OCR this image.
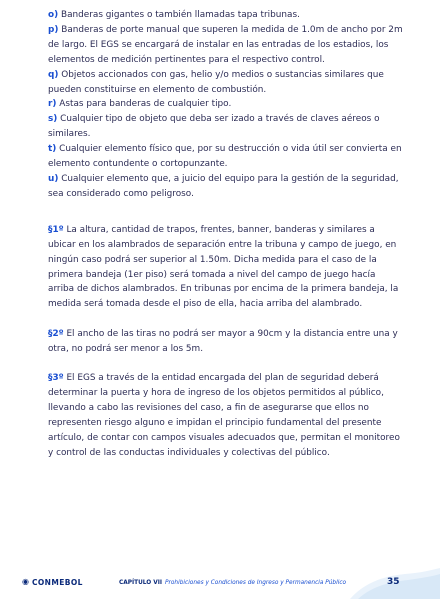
o) Banderas gigantes o también llamadas tapa tribunas.

p) Banderas de porte manual que superen la medida de 1.0m de ancho por 2m de largo. El EGS se encargará de instalar en las entradas de los estadios, los elementos de medición pertinentes para el respectivo control.

q) Objetos accionados con gas, helio y/o medios o sustancias similares que pueden constituirse en elemento de combustión.

r) Astas para banderas de cualquier tipo.

s) Cualquier tipo de objeto que deba ser izado a través de claves aéreos o similares.

t) Cualquier elemento físico que, por su destrucción o vida útil ser convierta en elemento contundente o cortopunzante.

u) Cualquier elemento que, a juicio del equipo para la gestión de la seguridad, sea considerado como peligroso.

§1º La altura, cantidad de trapos, frentes, banner, banderas y similares a ubicar en los alambrados de separación entre la tribuna y campo de juego, en ningún caso podrá ser superior al 1.50m. Dicha medida para el caso de la primera bandeja (1er piso) será tomada a nivel del campo de juego hacía arriba de dichos alambrados. En tribunas por encima de la primera bandeja, la medida será tomada desde el piso de ella, hacia arriba del alambrado.

§2º El ancho de las tiras no podrá ser mayor a 90cm y la distancia entre una y otra, no podrá ser menor a los 5m.

§3º El EGS a través de la entidad encargada del plan de seguridad deberá determinar la puerta y hora de ingreso de los objetos permitidos al público, llevando a cabo las revisiones del caso, a fin de asegurarse que ellos no representen riesgo alguno e impidan el principio fundamental del presente artículo, de contar con campos visuales adecuados que, permitan el monitoreo y control de las conductas individuales y colectivas del público.

◉ CONMEBOL	CAPÍTULO VII Prohibiciones y Condiciones de Ingreso y Permanencia Público	35
